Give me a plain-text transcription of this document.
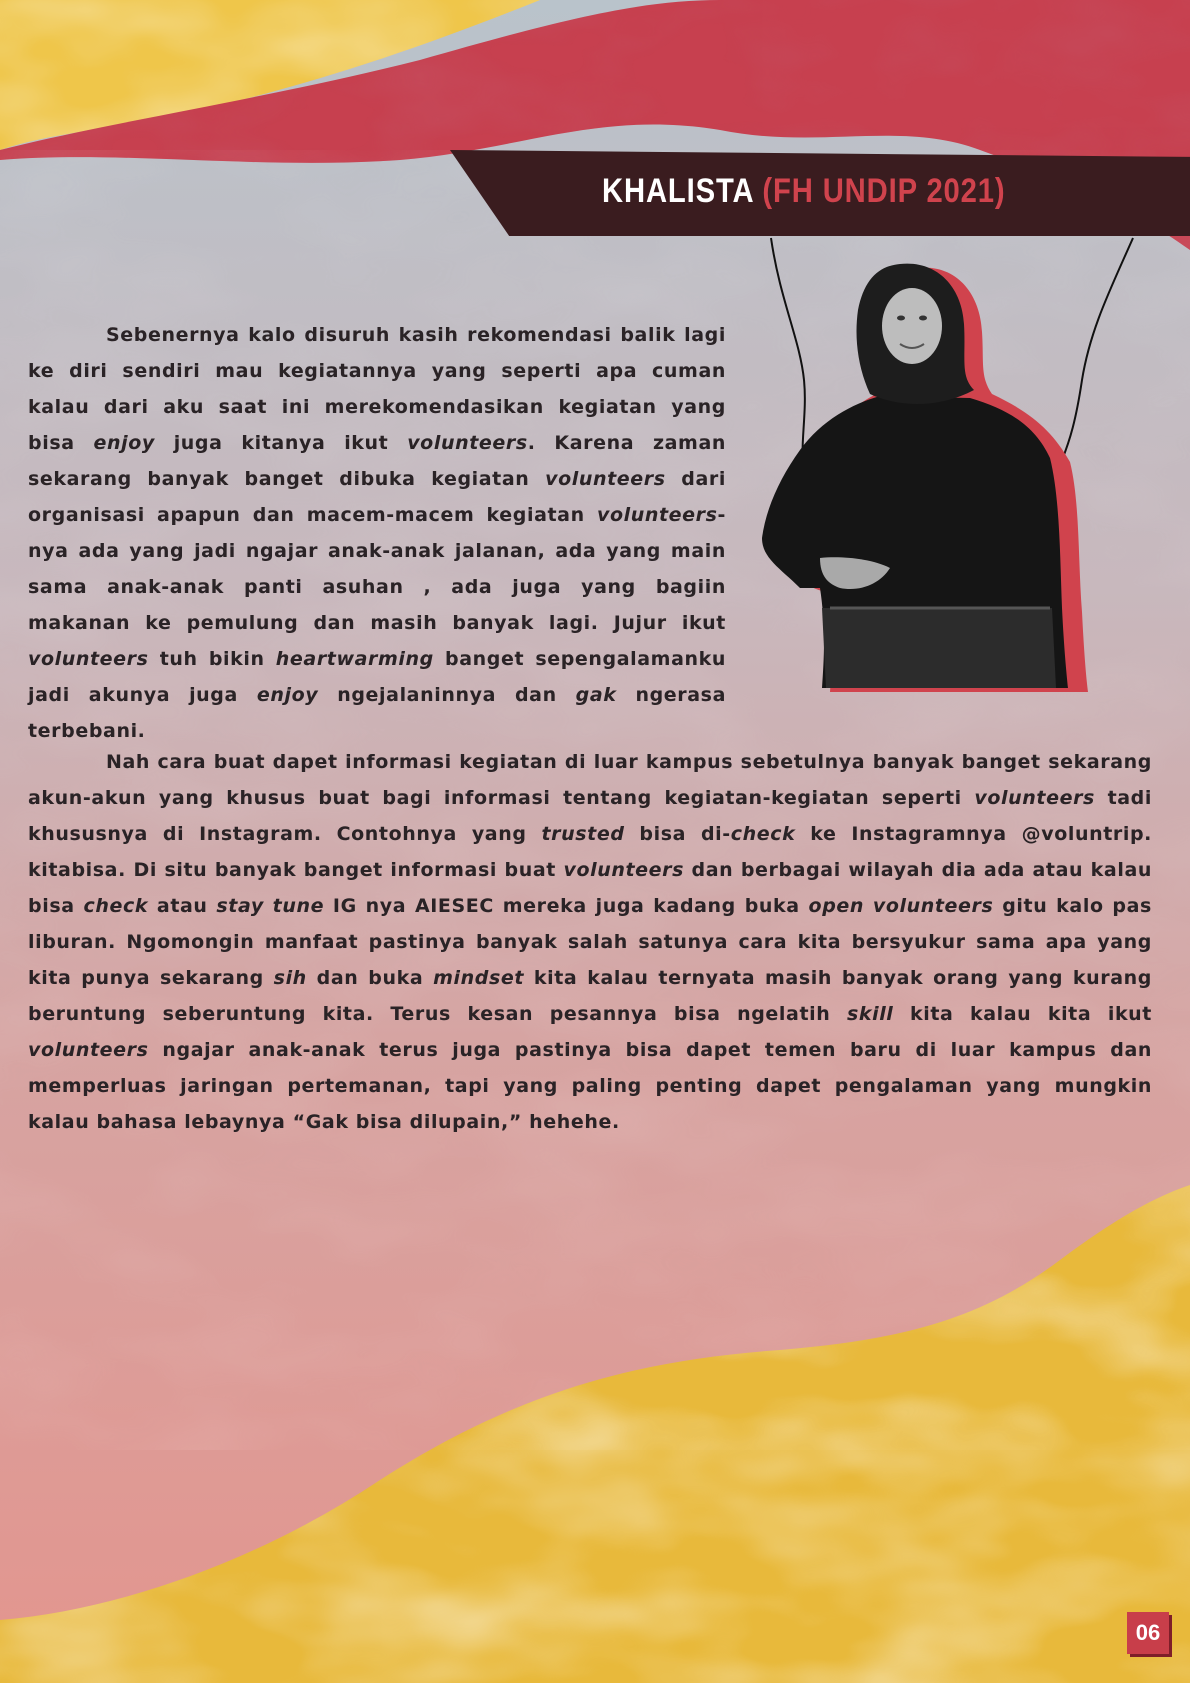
KHALISTA (FH UNDIP 2021)
Sebenernya kalo disuruh kasih rekomendasi balik lagi ke diri sendiri mau kegiatannya yang seperti apa cuman kalau dari aku saat ini merekomendasikan kegiatan yang bisa enjoy juga kitanya ikut volunteers. Karena zaman sekarang banyak banget dibuka kegiatan volunteers dari organisasi apapun dan macem-macem kegiatan volunteers-nya ada yang jadi ngajar anak-anak jalanan, ada yang main sama anak-anak panti asuhan , ada juga yang bagiin makanan ke pemulung dan masih banyak lagi. Jujur ikut volunteers tuh bikin heartwarming banget sepengalamanku jadi akunya juga enjoy ngejalaninnya dan gak ngerasa terbebani.
Nah cara buat dapet informasi kegiatan di luar kampus sebetulnya banyak banget sekarang akun-akun yang khusus buat bagi informasi tentang kegiatan-kegiatan seperti volunteers tadi khususnya di Instagram. Contohnya yang trusted bisa di-check ke Instagramnya @voluntrip. kitabisa. Di situ banyak banget informasi buat volunteers dan berbagai wilayah dia ada atau kalau bisa check atau stay tune IG nya AIESEC mereka juga kadang buka open volunteers gitu kalo pas liburan. Ngomongin manfaat pastinya banyak salah satunya cara kita bersyukur sama apa yang kita punya sekarang sih dan buka mindset kita kalau ternyata masih banyak orang yang kurang beruntung seberuntung kita. Terus kesan pesannya bisa ngelatih skill kita kalau kita ikut volunteers ngajar anak-anak terus juga pastinya bisa dapet temen baru di luar kampus dan memperluas jaringan pertemanan, tapi yang paling penting dapet pengalaman yang mungkin kalau bahasa lebaynya “Gak bisa dilupain,” hehehe.
06
